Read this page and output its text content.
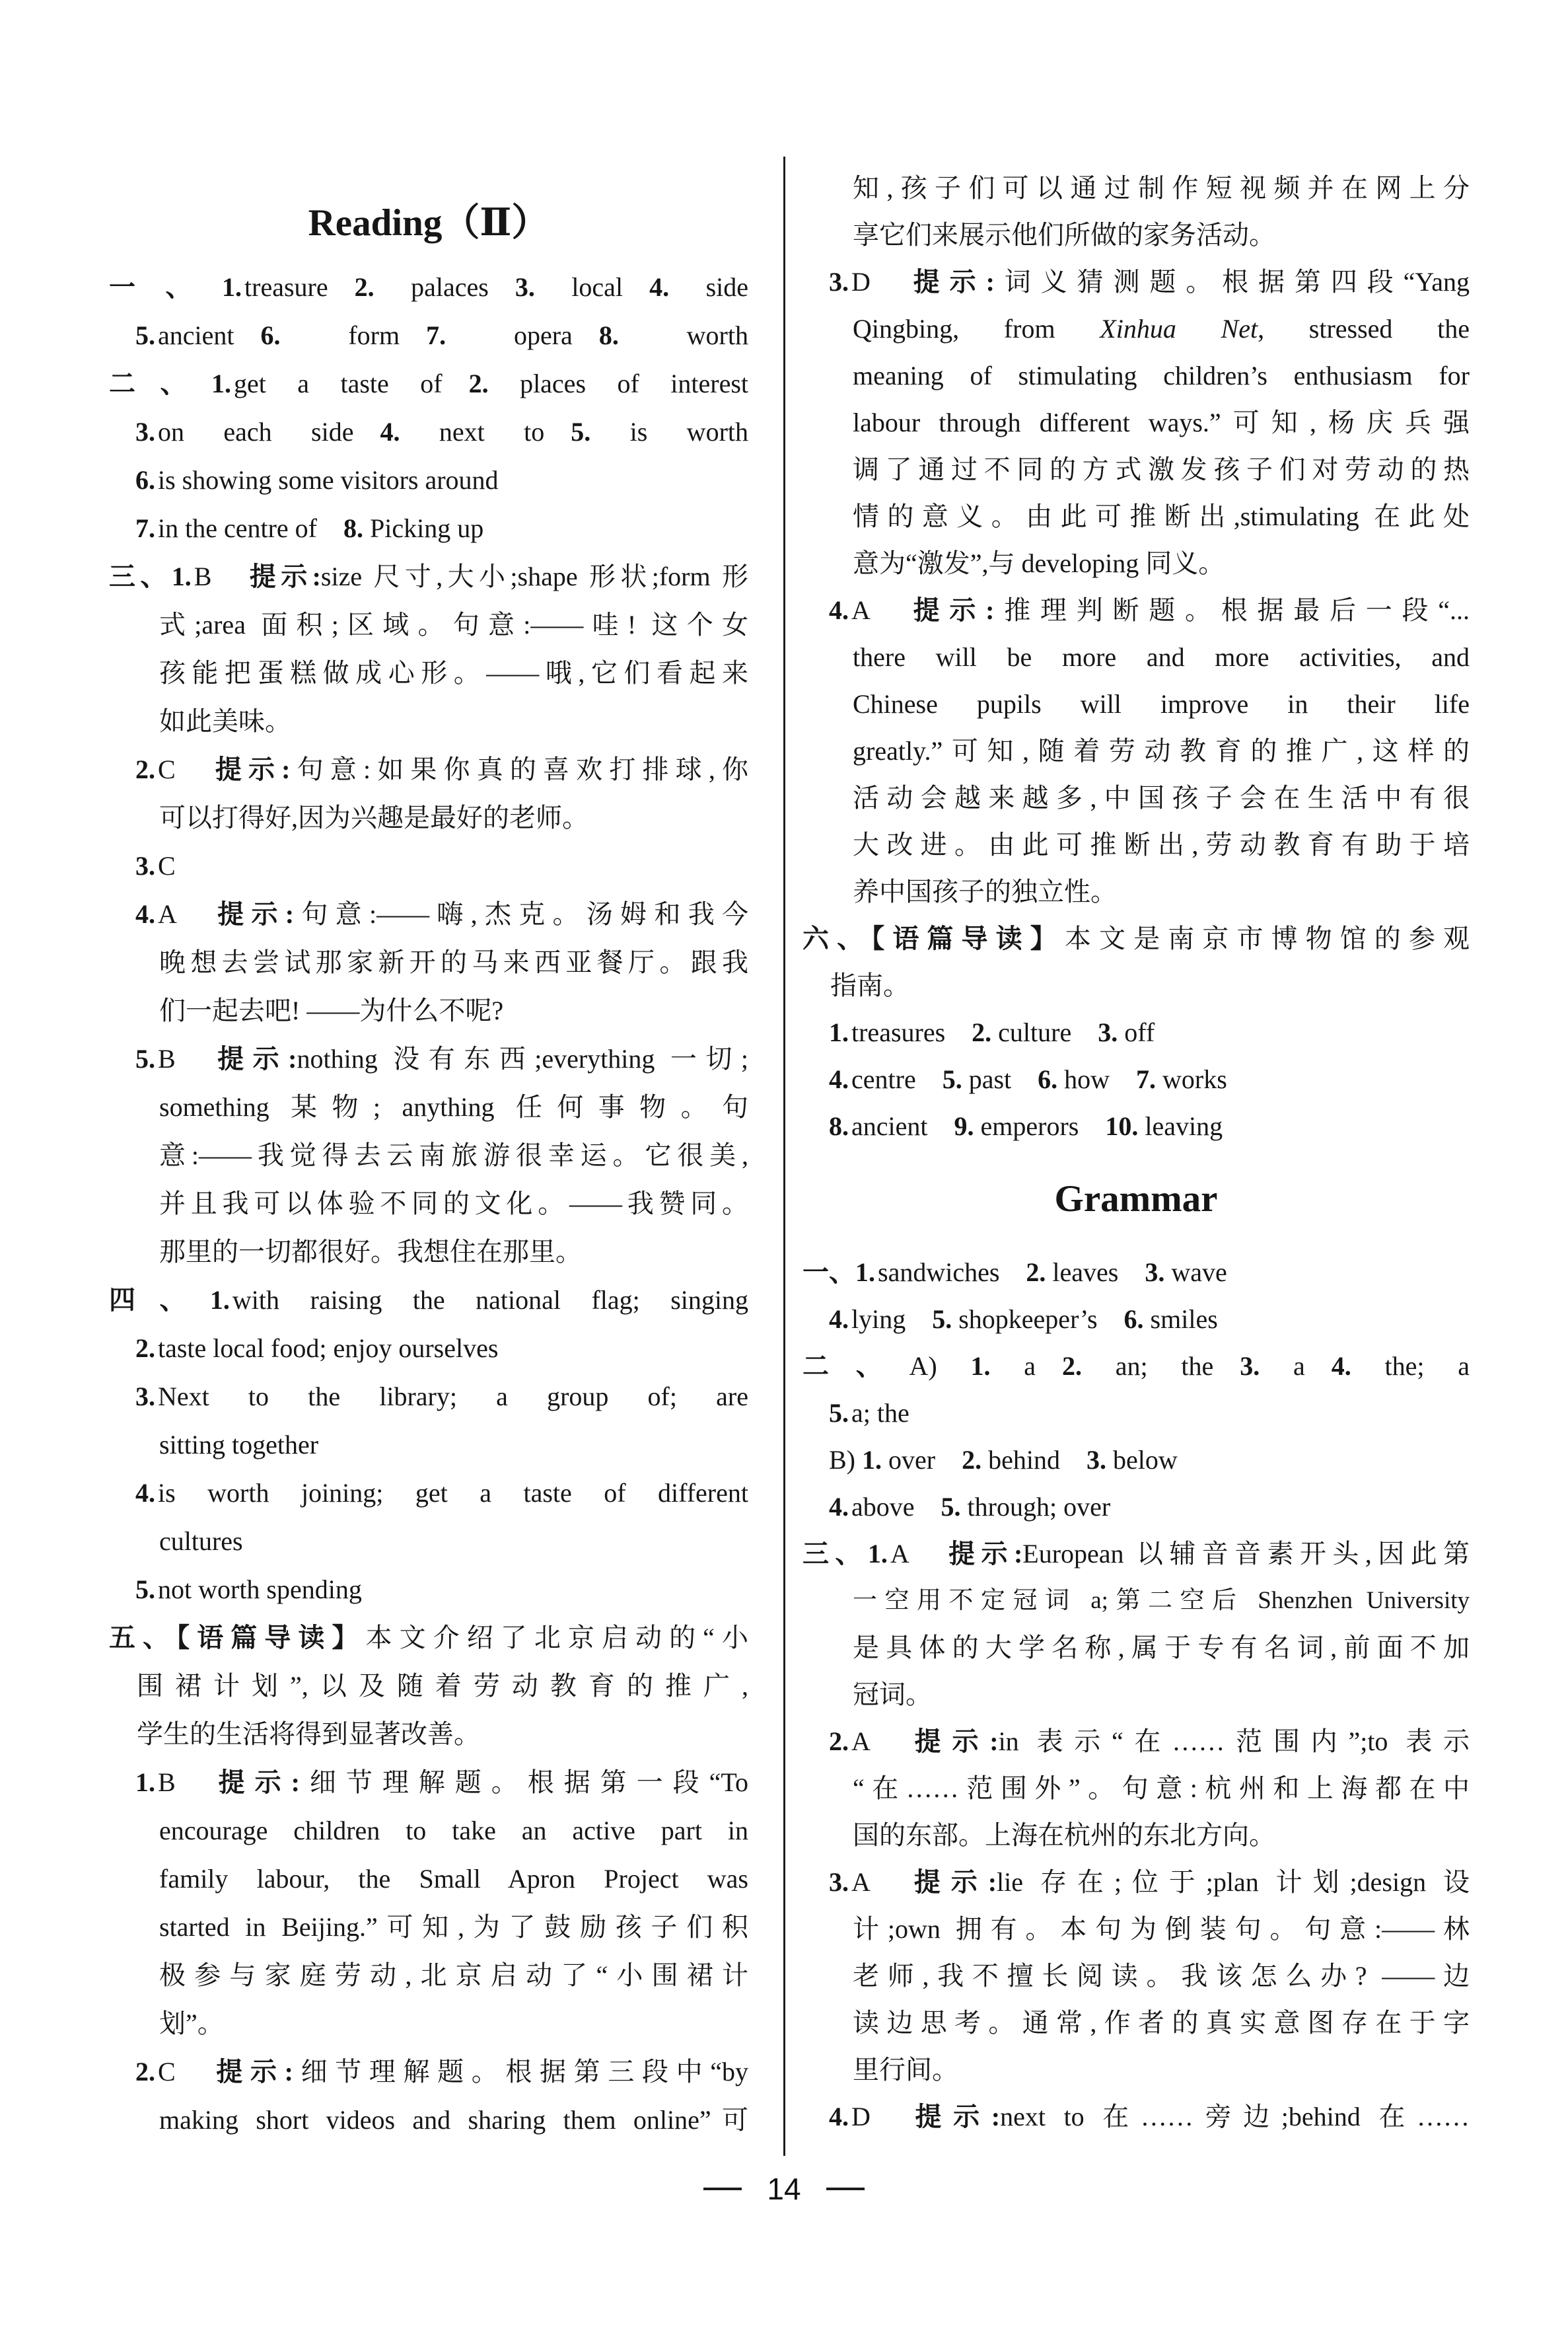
Reading（Ⅱ）
一、1. treasure  2. palaces  3. local  4. side
5. ancient  6. form  7. opera  8. worth
二、1. get a taste of  2. places of interest
3. on each side  4. next to  5. is worth
6. is showing some visitors around
7. in the centre of 8. Picking up
三、1. B  提示:size 尺寸,大小;shape 形状;form 形
式;area 面积;区域。句意:——哇! 这个女
孩能把蛋糕做成心形。——哦,它们看起来
如此美味。
2. C  提示:句意:如果你真的喜欢打排球,你
可以打得好,因为兴趣是最好的老师。
3. C
4. A  提示:句意:——嗨,杰克。汤姆和我今
晚想去尝试那家新开的马来西亚餐厅。跟我
们一起去吧! ——为什么不呢?
5. B  提示:nothing 没有东西;everything 一切;
something 某物; anything 任何事物。句
意:——我觉得去云南旅游很幸运。它很美,
并且我可以体验不同的文化。——我赞同。
那里的一切都很好。我想住在那里。
四、1. with raising the national flag; singing
2. taste local food; enjoy ourselves
3. Next to the library; a group of; are
sitting together
4. is worth joining; get a taste of different
cultures
5. not worth spending
五、【语篇导读】本文介绍了北京启动的“小
围裙计划”,以及随着劳动教育的推广,
学生的生活将得到显著改善。
1. B  提示:细节理解题。根据第一段“To
encourage children to take an active part in
family labour, the Small Apron Project was
started in Beijing.”可知,为了鼓励孩子们积
极参与家庭劳动,北京启动了“小围裙计
划”。
2. C  提示:细节理解题。根据第三段中“by
making short videos and sharing them online”可
知,孩子们可以通过制作短视频并在网上分
享它们来展示他们所做的家务活动。
3. D  提示:词义猜测题。根据第四段“Yang
Qingbing, from Xinhua Net, stressed the
meaning of stimulating children’s enthusiasm for
labour through different ways.”可知,杨庆兵强
调了通过不同的方式激发孩子们对劳动的热
情的意义。由此可推断出,stimulating 在此处
意为“激发”,与 developing 同义。
4. A  提示:推理判断题。根据最后一段“...
there will be more and more activities, and
Chinese pupils will improve in their life
greatly.”可知,随着劳动教育的推广,这样的
活动会越来越多,中国孩子会在生活中有很
大改进。由此可推断出,劳动教育有助于培
养中国孩子的独立性。
六、【语篇导读】本文是南京市博物馆的参观
指南。
1. treasures 2. culture 3. off
4. centre 5. past 6. how 7. works
8. ancient 9. emperors 10. leaving
Grammar
一、1. sandwiches 2. leaves 3. wave
4. lying 5. shopkeeper’s 6. smiles
二、A) 1. a  2. an; the  3. a  4. the; a
5. a; the
B) 1. over 2. behind 3. below
4. above 5. through; over
三、1. A  提示:European 以辅音音素开头,因此第
一空用不定冠词 a;第二空后 Shenzhen University
是具体的大学名称,属于专有名词,前面不加
冠词。
2. A  提示:in 表示“在……范围内”;to 表示
“在……范围外”。句意:杭州和上海都在中
国的东部。上海在杭州的东北方向。
3. A  提示:lie 存在;位于;plan 计划;design 设
计;own 拥有。本句为倒装句。句意:——林
老师,我不擅长阅读。我该怎么办? ——边
读边思考。通常,作者的真实意图存在于字
里行间。
4. D  提示:next to 在……旁边;behind 在……
14
